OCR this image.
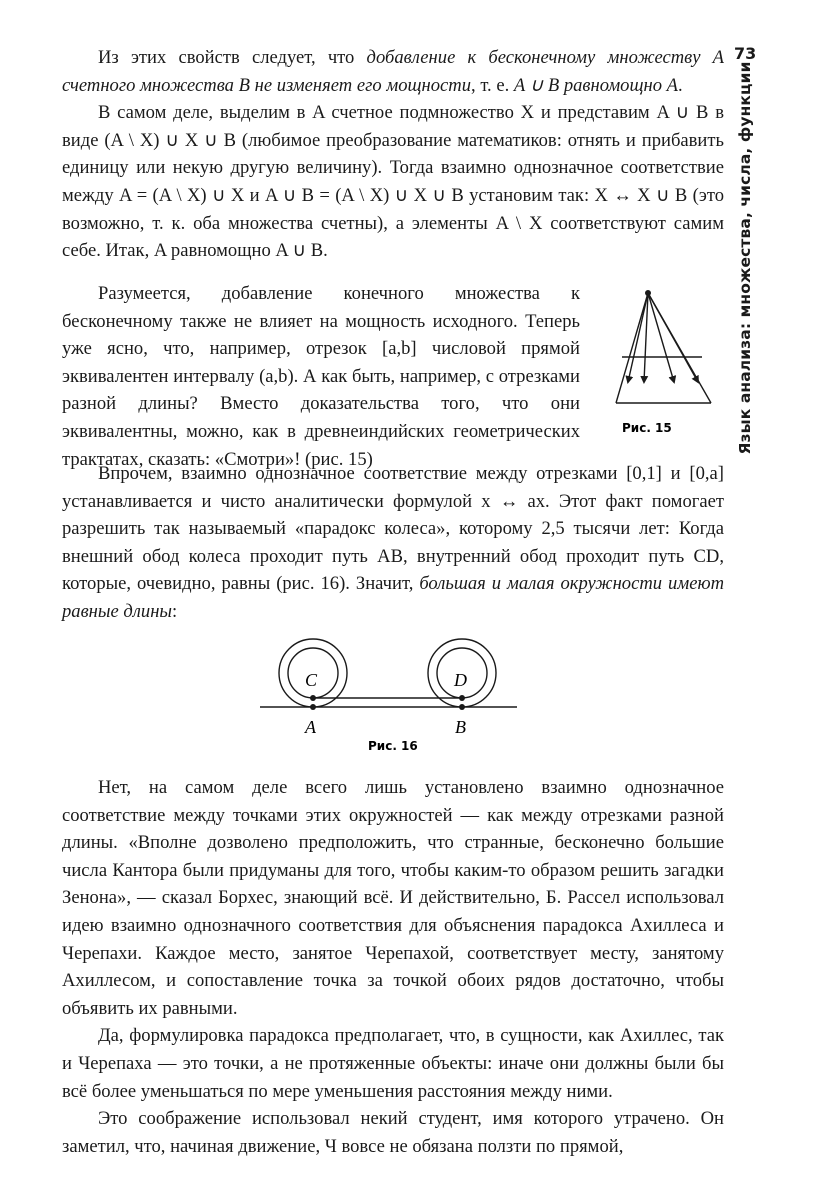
73
Язык анализа: множества, числа, функции

Из этих свойств следует, что добавление к бесконечному множеству A счетного множества B не изменяет его мощности, т. е. A ∪ B равномощно A.

В самом деле, выделим в A счетное подмножество X и представим A ∪ B в виде (A \ X) ∪ X ∪ B (любимое преобразование математиков: отнять и прибавить единицу или некую другую величину). Тогда взаимно однозначное соответствие между A = (A \ X) ∪ X и A ∪ B = (A \ X) ∪ X ∪ B установим так: X ↔ X ∪ B (это возможно, т. к. оба множества счетны), а элементы A \ X соответствуют самим себе. Итак, A равномощно A ∪ B.

Разумеется, добавление конечного множества к бесконечному также не влияет на мощность исходного. Теперь уже ясно, что, например, отрезок [a,b] числовой прямой эквивалентен интервалу (a,b). А как быть, например, с отрезками разной длины? Вместо доказательства того, что они эквивалентны, можно, как в древнеиндийских геометрических трактатах, сказать: «Смотри»! (рис. 15)

Рис. 15

Впрочем, взаимно однозначное соответствие между отрезками [0,1] и [0,a] устанавливается и чисто аналитически формулой x ↔ ax. Этот факт помогает разрешить так называемый «парадокс колеса», которому 2,5 тысячи лет: Когда внешний обод колеса проходит путь AB, внутренний обод проходит путь CD, которые, очевидно, равны (рис. 16). Значит, большая и малая окружности имеют равные длины:

C	D
A	B
Рис. 16

Нет, на самом деле всего лишь установлено взаимно однозначное соответствие между точками этих окружностей — как между отрезками разной длины. «Вполне дозволено предположить, что странные, бесконечно большие числа Кантора были придуманы для того, чтобы каким-то образом решить загадки Зенона», — сказал Борхес, знающий всё. И действительно, Б. Рассел использовал идею взаимно однозначного соответствия для объяснения парадокса Ахиллеса и Черепахи. Каждое место, занятое Черепахой, соответствует месту, занятому Ахиллесом, и сопоставление точка за точкой обоих рядов достаточно, чтобы объявить их равными.

Да, формулировка парадокса предполагает, что, в сущности, как Ахиллес, так и Черепаха — это точки, а не протяженные объекты: иначе они должны были бы всё более уменьшаться по мере уменьшения расстояния между ними.

Это соображение использовал некий студент, имя которого утрачено. Он заметил, что, начиная движение, Ч вовсе не обязана ползти по прямой,
